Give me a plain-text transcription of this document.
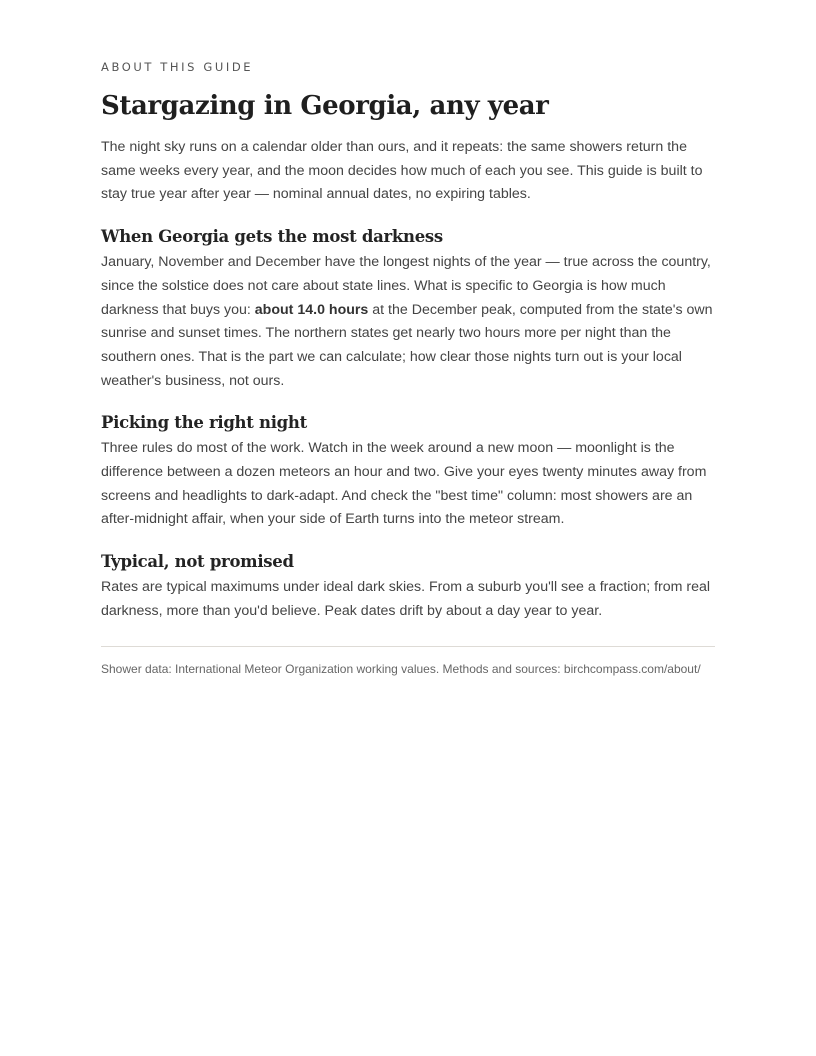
ABOUT THIS GUIDE
Stargazing in Georgia, any year

The night sky runs on a calendar older than ours, and it repeats: the same showers return the same weeks every year, and the moon decides how much of each you see. This guide is built to stay true year after year — nominal annual dates, no expiring tables.

When Georgia gets the most darkness

January, November and December have the longest nights of the year — true across the country, since the solstice does not care about state lines. What is specific to Georgia is how much darkness that buys you: about 14.0 hours at the December peak, computed from the state's own sunrise and sunset times. The northern states get nearly two hours more per night than the southern ones. That is the part we can calculate; how clear those nights turn out is your local weather's business, not ours.

Picking the right night

Three rules do most of the work. Watch in the week around a new moon — moonlight is the difference between a dozen meteors an hour and two. Give your eyes twenty minutes away from screens and headlights to dark-adapt. And check the "best time" column: most showers are an after-midnight affair, when your side of Earth turns into the meteor stream.

Typical, not promised

Rates are typical maximums under ideal dark skies. From a suburb you'll see a fraction; from real darkness, more than you'd believe. Peak dates drift by about a day year to year.

Shower data: International Meteor Organization working values. Methods and sources: birchcompass.com/about/
